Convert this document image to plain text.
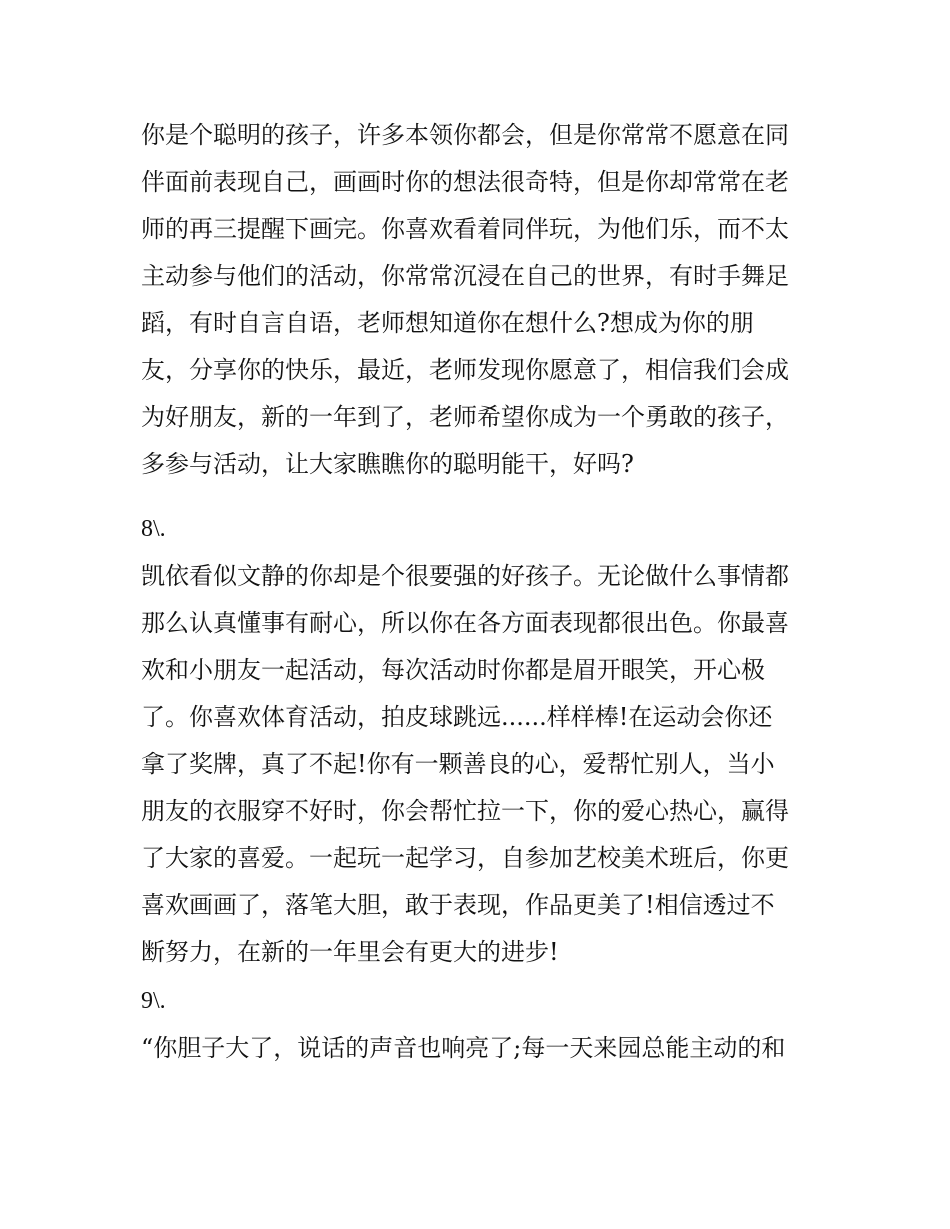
你是个聪明的孩子，许多本领你都会，但是你常常不愿意在同
伴面前表现自己，画画时你的想法很奇特，但是你却常常在老
师的再三提醒下画完。你喜欢看着同伴玩，为他们乐，而不太
主动参与他们的活动，你常常沉浸在自己的世界，有时手舞足
蹈，有时自言自语，老师想知道你在想什么?想成为你的朋
友，分享你的快乐，最近，老师发现你愿意了，相信我们会成
为好朋友，新的一年到了，老师希望你成为一个勇敢的孩子，
多参与活动，让大家瞧瞧你的聪明能干，好吗?
8\.
凯依看似文静的你却是个很要强的好孩子。无论做什么事情都
那么认真懂事有耐心，所以你在各方面表现都很出色。你最喜
欢和小朋友一起活动，每次活动时你都是眉开眼笑，开心极
了。你喜欢体育活动，拍皮球跳远......样样棒!在运动会你还
拿了奖牌，真了不起!你有一颗善良的心，爱帮忙别人，当小
朋友的衣服穿不好时，你会帮忙拉一下，你的爱心热心，赢得
了大家的喜爱。一起玩一起学习，自参加艺校美术班后，你更
喜欢画画了，落笔大胆，敢于表现，作品更美了!相信透过不
断努力，在新的一年里会有更大的进步!
9\.
“你胆子大了，说话的声音也响亮了;每一天来园总能主动的和
